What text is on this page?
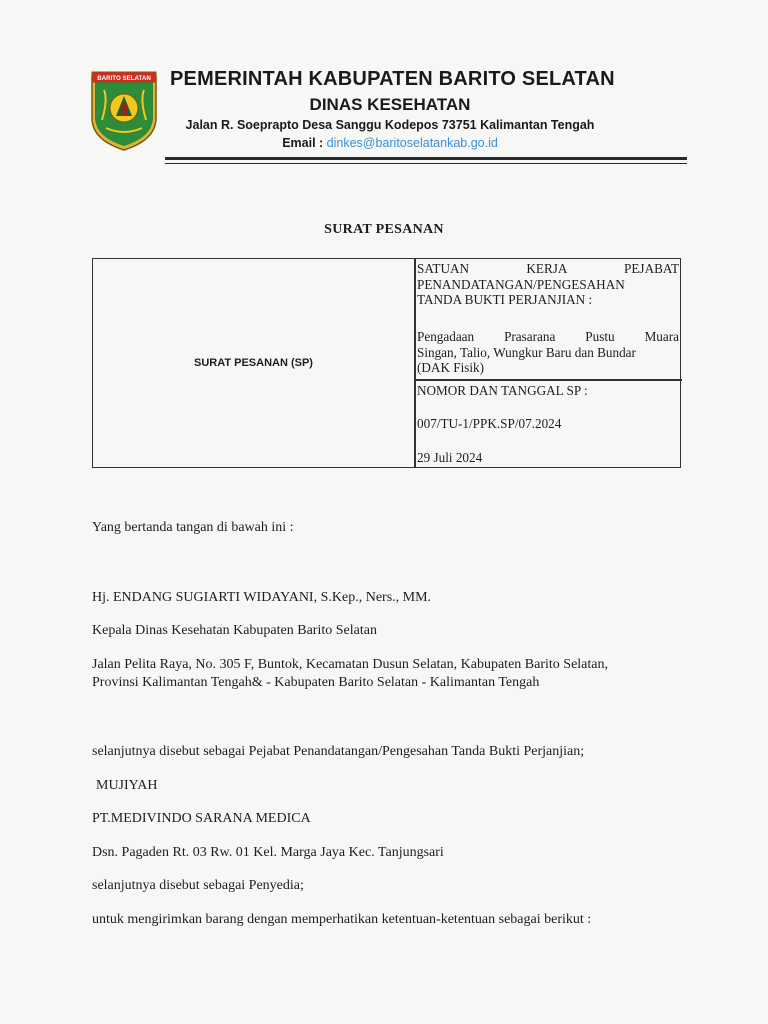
BARITO SELATAN PEMERINTAH KABUPATEN BARITO SELATAN
DINAS KESEHATAN
Jalan R. Soeprapto Desa Sanggu Kodepos 73751 Kalimantan Tengah
Email : dinkes@baritoselatankab.go.id
SURAT PESANAN
SURAT PESANAN (SP)
SATUAN KERJA PEJABAT
PENANDATANGAN/PENGESAHAN
TANDA BUKTI PERJANJIAN :
Pengadaan Prasarana Pustu Muara
Singan, Talio, Wungkur Baru dan Bundar
(DAK Fisik)
NOMOR DAN TANGGAL SP :
007/TU-1/PPK.SP/07.2024
29 Juli 2024
Yang bertanda tangan di bawah ini :
Hj. ENDANG SUGIARTI WIDAYANI, S.Kep., Ners., MM.
Kepala Dinas Kesehatan Kabupaten Barito Selatan
Jalan Pelita Raya, No. 305 F, Buntok, Kecamatan Dusun Selatan, Kabupaten Barito Selatan,
Provinsi Kalimantan Tengah& - Kabupaten Barito Selatan - Kalimantan Tengah
selanjutnya disebut sebagai Pejabat Penandatangan/Pengesahan Tanda Bukti Perjanjian;
MUJIYAH
PT.MEDIVINDO SARANA MEDICA
Dsn. Pagaden Rt. 03 Rw. 01 Kel. Marga Jaya Kec. Tanjungsari
selanjutnya disebut sebagai Penyedia;
untuk mengirimkan barang dengan memperhatikan ketentuan-ketentuan sebagai berikut :
